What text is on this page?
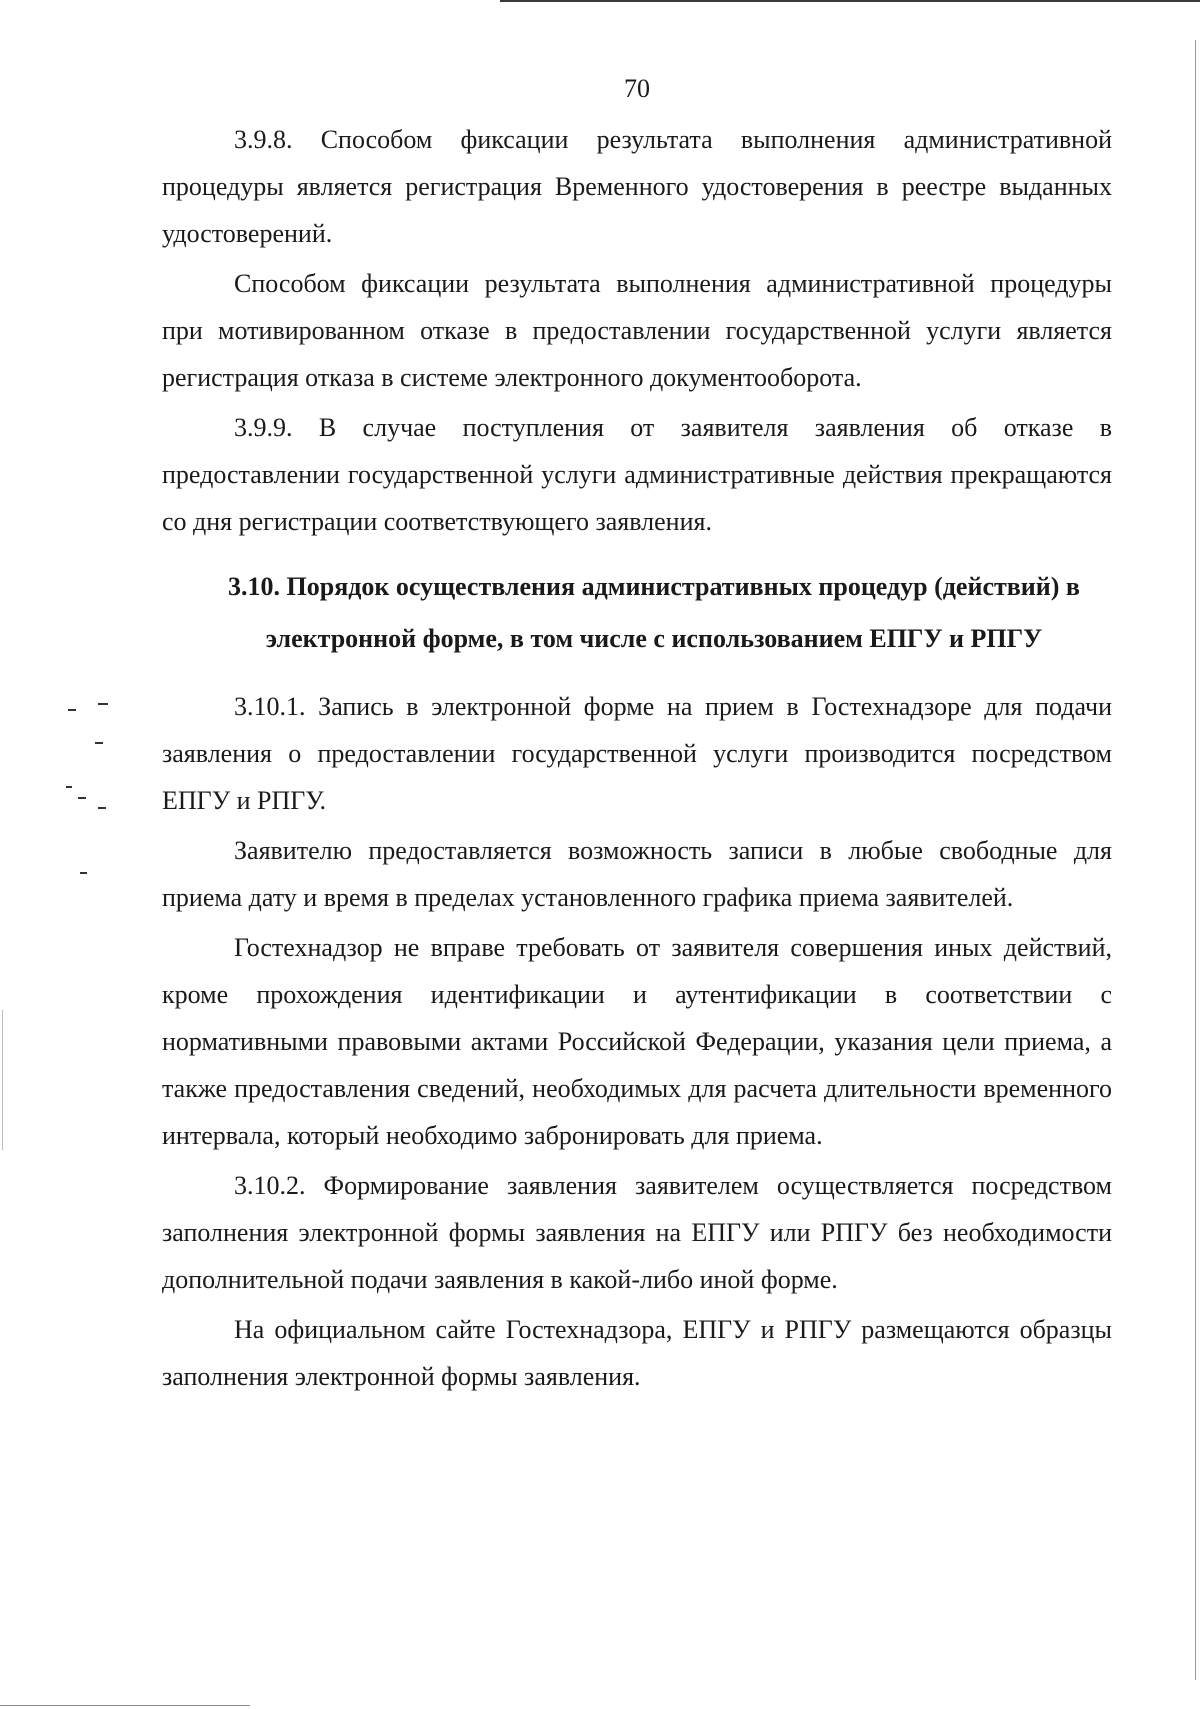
70

3.9.8. Способом фиксации результата выполнения административной процедуры является регистрация Временного удостоверения в реестре выданных удостоверений.

Способом фиксации результата выполнения административной процедуры при мотивированном отказе в предоставлении государственной услуги является регистрация отказа в системе электронного документооборота.

3.9.9. В случае поступления от заявителя заявления об отказе в предоставлении государственной услуги административные действия прекращаются со дня регистрации соответствующего заявления.

3.10. Порядок осуществления административных процедур (действий) в электронной форме, в том числе с использованием ЕПГУ и РПГУ

3.10.1. Запись в электронной форме на прием в Гостехнадзоре для подачи заявления о предоставлении государственной услуги производится посредством ЕПГУ и РПГУ.

Заявителю предоставляется возможность записи в любые свободные для приема дату и время в пределах установленного графика приема заявителей.

Гостехнадзор не вправе требовать от заявителя совершения иных действий, кроме прохождения идентификации и аутентификации в соответствии с нормативными правовыми актами Российской Федерации, указания цели приема, а также предоставления сведений, необходимых для расчета длительности временного интервала, который необходимо забронировать для приема.

3.10.2. Формирование заявления заявителем осуществляется посредством заполнения электронной формы заявления на ЕПГУ или РПГУ без необходимости дополнительной подачи заявления в какой-либо иной форме.

На официальном сайте Гостехнадзора, ЕПГУ и РПГУ размещаются образцы заполнения электронной формы заявления.
